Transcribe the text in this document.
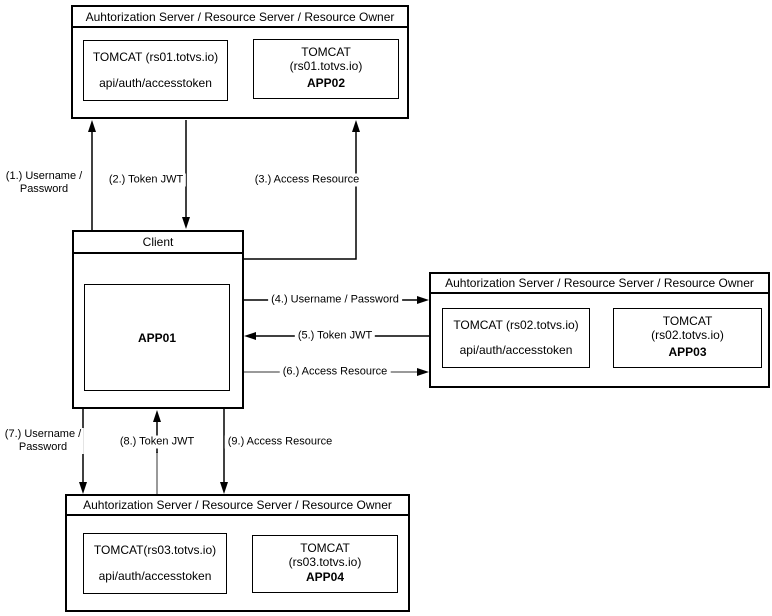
Auhtorization Server / Resource Server / Resource Owner
TOMCAT (rs01.totvs.io)
api/auth/accesstoken
TOMCAT
(rs01.totvs.io)
APP02
Client
APP01
Auhtorization Server / Resource Server / Resource Owner
TOMCAT (rs02.totvs.io)
api/auth/accesstoken
TOMCAT
(rs02.totvs.io)
APP03
Auhtorization Server / Resource Server / Resource Owner
TOMCAT(rs03.totvs.io)
api/auth/accesstoken
TOMCAT
(rs03.totvs.io)
APP04
(1.) Username /
Password
(2.) Token JWT	(3.) Access Resource
(4.) Username / Password
(5.) Token JWT
(6.) Access Resource
(7.) Username /
Password	(8.) Token JWT	(9.) Access Resource
